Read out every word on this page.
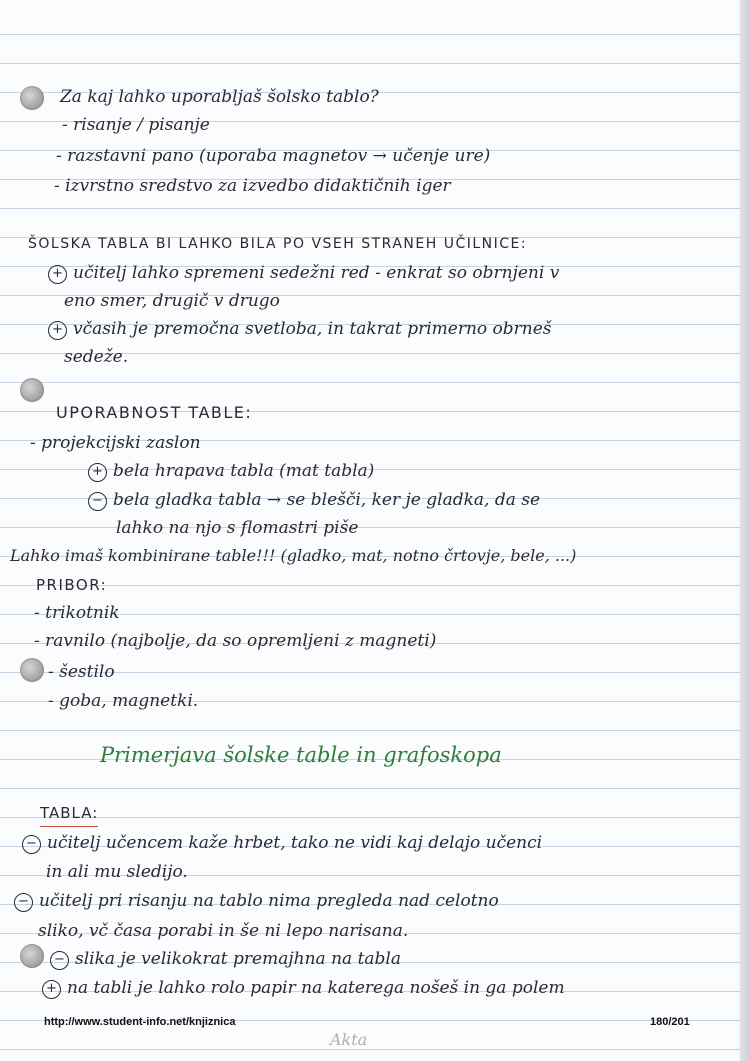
Za kaj lahko uporabljaš šolsko tablo?
- risanje / pisanje
- razstavni pano (uporaba magnetov → učenje ure)
- izvrstno sredstvo za izvedbo didaktičnih iger
ŠOLSKA TABLA BI LAHKO BILA PO VSEH STRANEH UČILNICE:
+ učitelj lahko spremeni sedežni red - enkrat so obrnjeni v
eno smer, drugič v drugo
+ včasih je premočna svetloba, in takrat primerno obrneš
sedeže.
UPORABNOST TABLE:
- projekcijski zaslon
+ bela hrapava tabla (mat tabla)
− bela gladka tabla → se blešči, ker je gladka, da se
lahko na njo s flomastri piše
Lahko imaš kombinirane table!!! (gladko, mat, notno črtovje, bele, ...)
PRIBOR:
- trikotnik
- ravnilo (najbolje, da so opremljeni z magneti)
- šestilo
- goba, magnetki.
Primerjava šolske table in grafoskopa
TABLA:
− učitelj učencem kaže hrbet, tako ne vidi kaj delajo učenci
in ali mu sledijo.
− učitelj pri risanju na tablo nima pregleda nad celotno
sliko, vč časa porabi in še ni lepo narisana.
− slika je velikokrat premajhna na tabla
+ na tabli je lahko rolo papir na katerega nošeš in ga polem
http://www.student-info.net/knjiznica	180/201
Akta
